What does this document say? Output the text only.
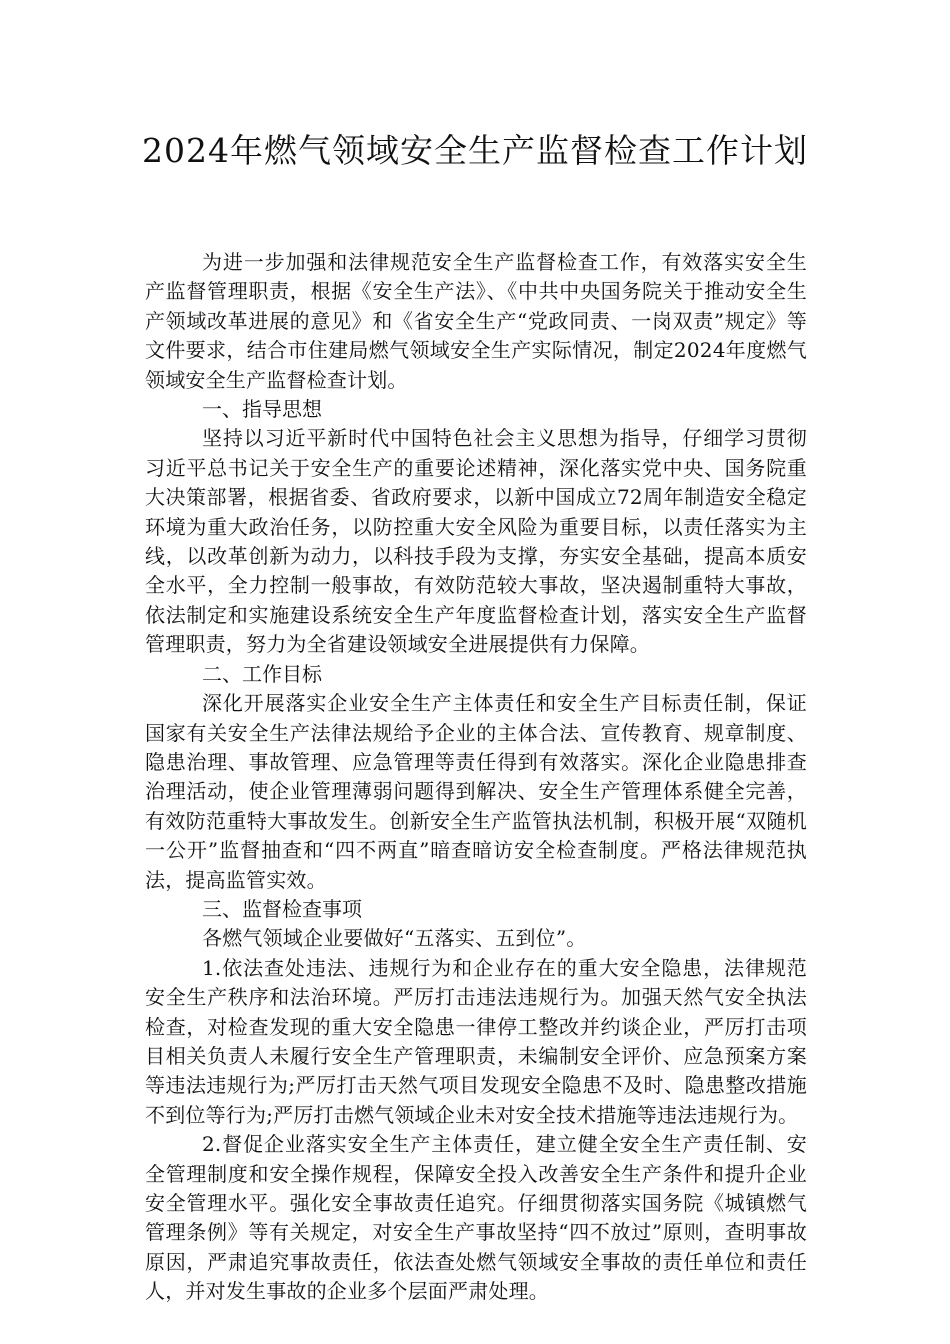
2024年燃气领域安全生产监督检查工作计划

为进一步加强和法律规范安全生产监督检查工作，有效落实安全生产监督管理职责，根据《安全生产法》、《中共中央国务院关于推动安全生产领域改革进展的意见》和《省安全生产“党政同责、一岗双责”规定》等文件要求，结合市住建局燃气领域安全生产实际情况，制定2024年度燃气领域安全生产监督检查计划。

一、指导思想

坚持以习近平新时代中国特色社会主义思想为指导，仔细学习贯彻习近平总书记关于安全生产的重要论述精神，深化落实党中央、国务院重大决策部署，根据省委、省政府要求，以新中国成立72周年制造安全稳定环境为重大政治任务，以防控重大安全风险为重要目标，以责任落实为主线，以改革创新为动力，以科技手段为支撑，夯实安全基础，提高本质安全水平，全力控制一般事故，有效防范较大事故，坚决遏制重特大事故，依法制定和实施建设系统安全生产年度监督检查计划，落实安全生产监督管理职责，努力为全省建设领域安全进展提供有力保障。

二、工作目标

深化开展落实企业安全生产主体责任和安全生产目标责任制，保证国家有关安全生产法律法规给予企业的主体合法、宣传教育、规章制度、隐患治理、事故管理、应急管理等责任得到有效落实。深化企业隐患排查治理活动，使企业管理薄弱问题得到解决、安全生产管理体系健全完善，有效防范重特大事故发生。创新安全生产监管执法机制，积极开展“双随机一公开”监督抽查和“四不两直”暗查暗访安全检查制度。严格法律规范执法，提高监管实效。

三、监督检查事项

各燃气领域企业要做好“五落实、五到位”。

1.依法查处违法、违规行为和企业存在的重大安全隐患，法律规范安全生产秩序和法治环境。严厉打击违法违规行为。加强天然气安全执法检查，对检查发现的重大安全隐患一律停工整改并约谈企业，严厉打击项目相关负责人未履行安全生产管理职责，未编制安全评价、应急预案方案等违法违规行为;严厉打击天然气项目发现安全隐患不及时、隐患整改措施不到位等行为;严厉打击燃气领域企业未对安全技术措施等违法违规行为。

2.督促企业落实安全生产主体责任，建立健全安全生产责任制、安全管理制度和安全操作规程，保障安全投入改善安全生产条件和提升企业安全管理水平。强化安全事故责任追究。仔细贯彻落实国务院《城镇燃气管理条例》等有关规定，对安全生产事故坚持“四不放过”原则，查明事故原因，严肃追究事故责任，依法查处燃气领域安全事故的责任单位和责任人，并对发生事故的企业多个层面严肃处理。
